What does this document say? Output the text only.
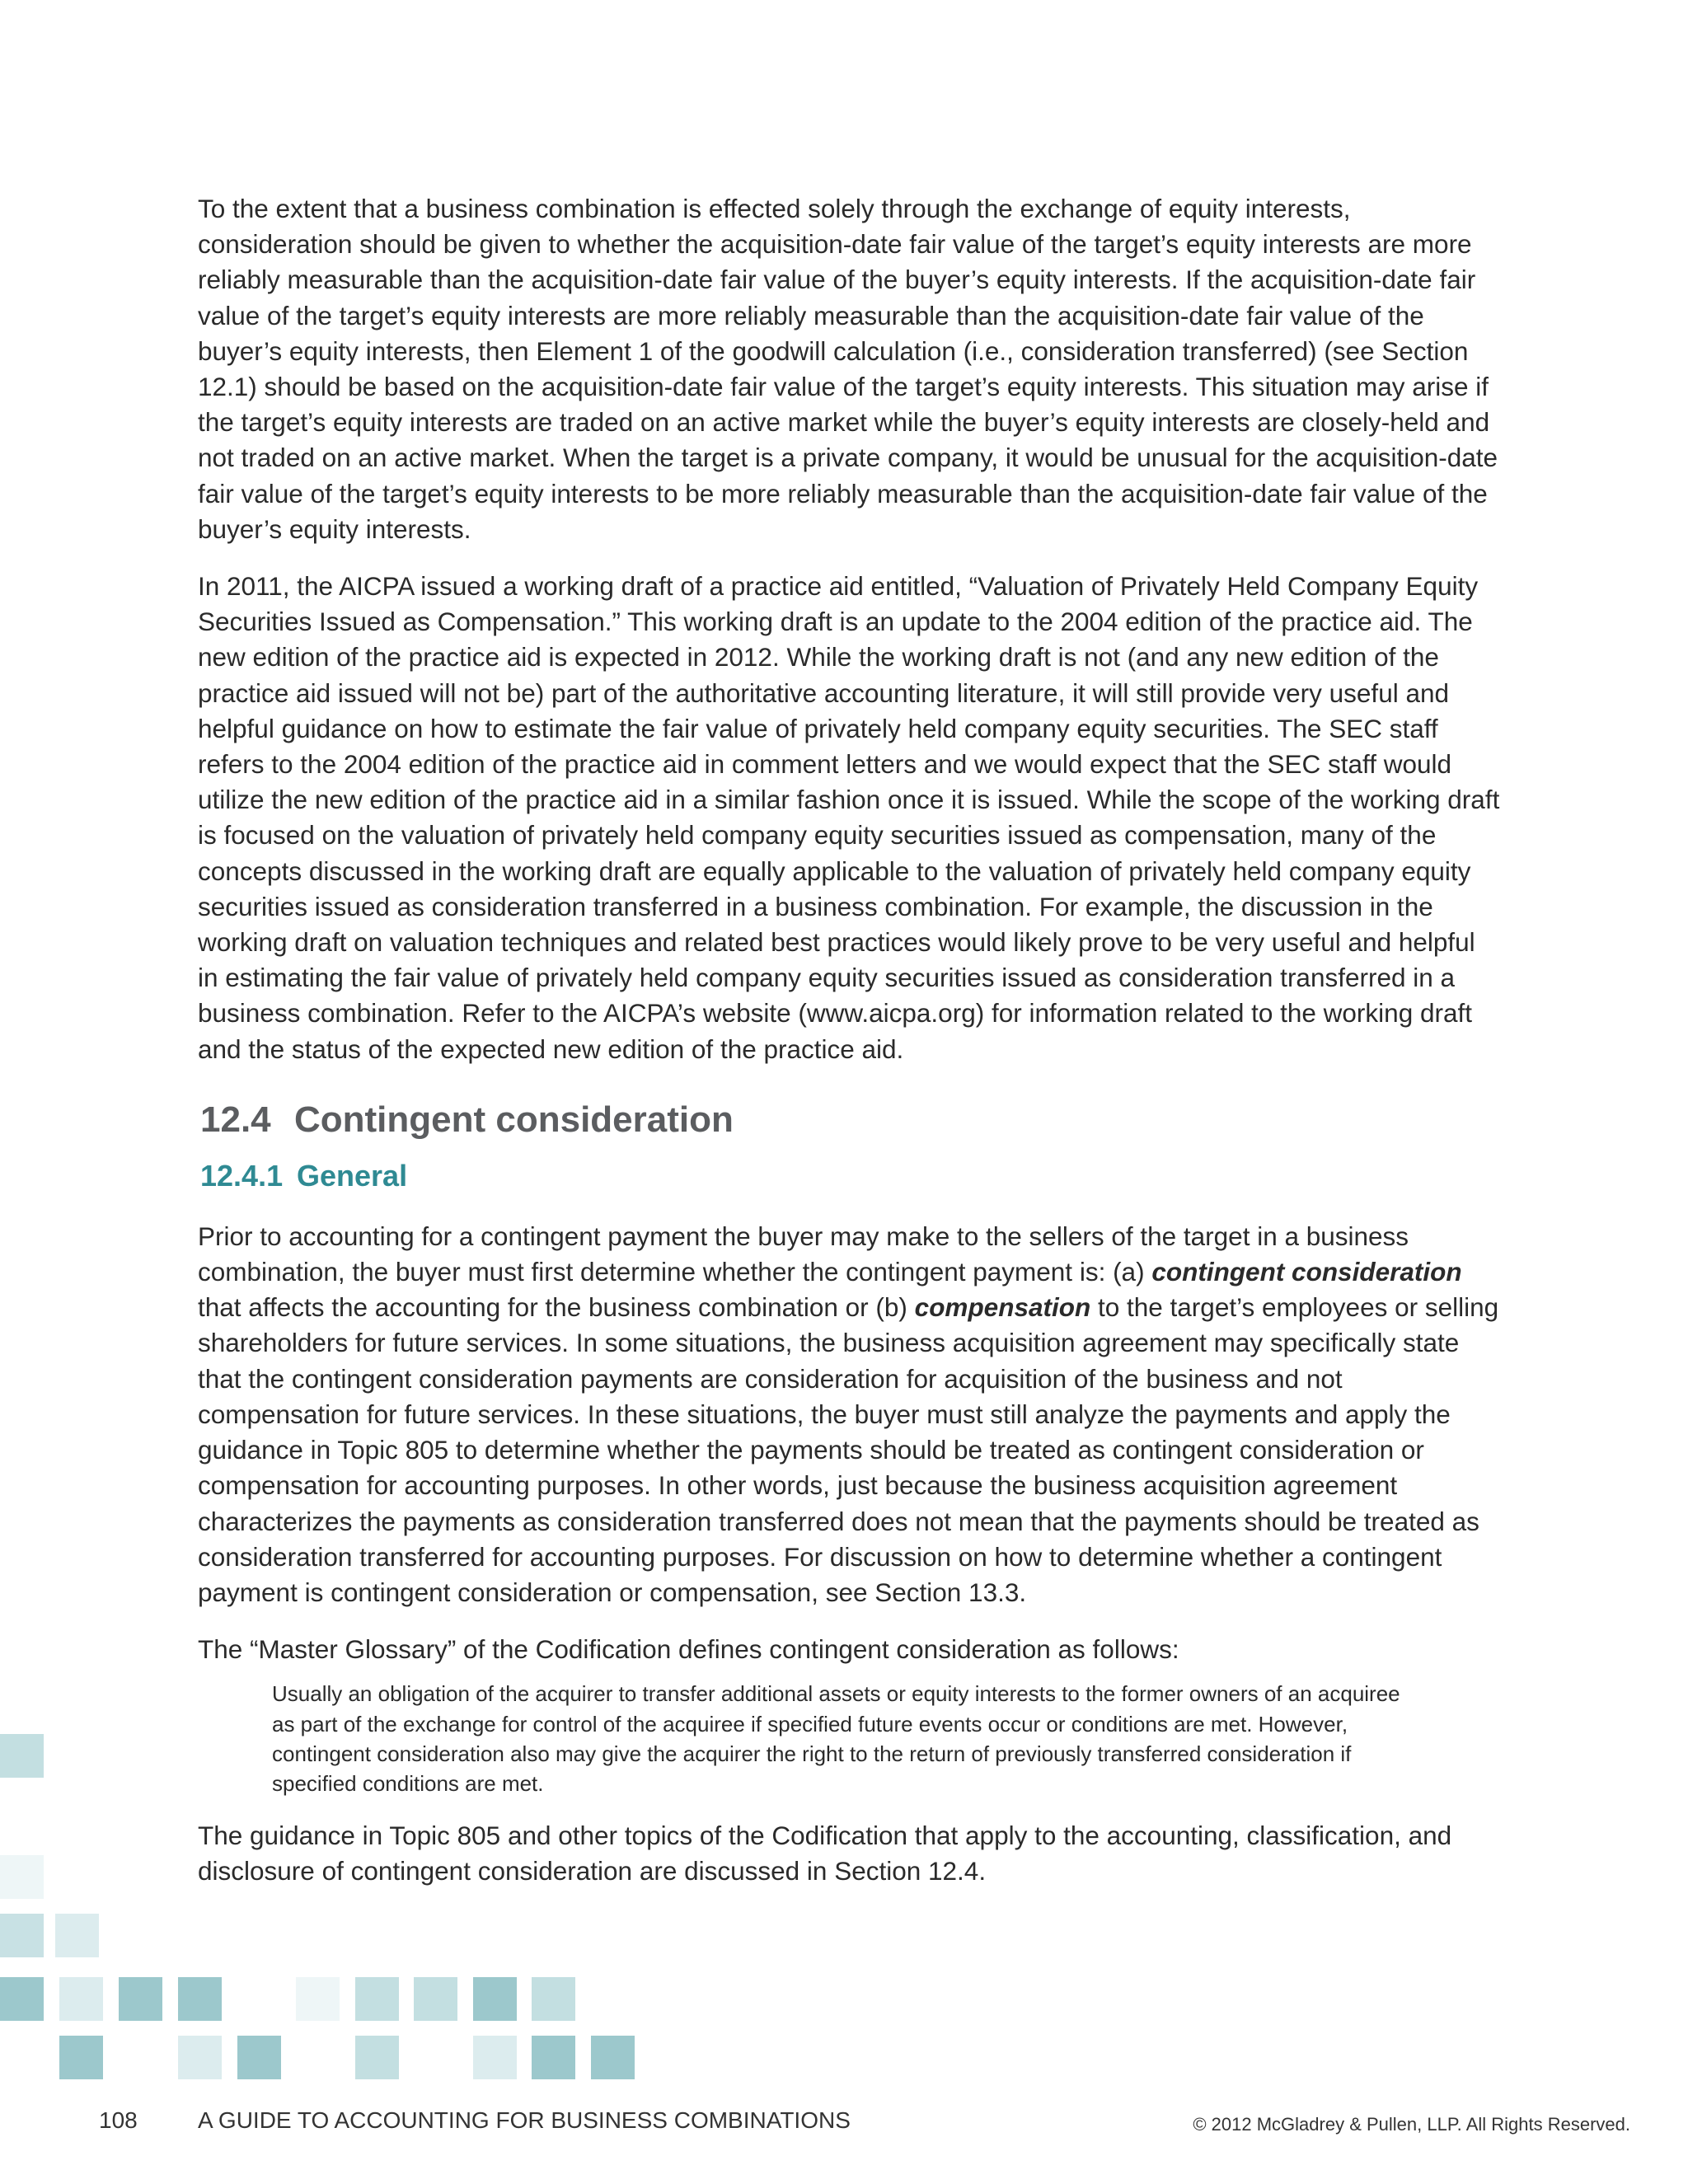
To the extent that a business combination is effected solely through the exchange of equity interests, consideration should be given to whether the acquisition-date fair value of the target’s equity interests are more reliably measurable than the acquisition-date fair value of the buyer’s equity interests. If the acquisition-date fair value of the target’s equity interests are more reliably measurable than the acquisition-date fair value of the buyer’s equity interests, then Element 1 of the goodwill calculation (i.e., consideration transferred) (see Section 12.1) should be based on the acquisition-date fair value of the target’s equity interests. This situation may arise if the target’s equity interests are traded on an active market while the buyer’s equity interests are closely-held and not traded on an active market. When the target is a private company, it would be unusual for the acquisition-date fair value of the target’s equity interests to be more reliably measurable than the acquisition-date fair value of the buyer’s equity interests.

In 2011, the AICPA issued a working draft of a practice aid entitled, “Valuation of Privately Held Company Equity Securities Issued as Compensation.” This working draft is an update to the 2004 edition of the practice aid. The new edition of the practice aid is expected in 2012. While the working draft is not (and any new edition of the practice aid issued will not be) part of the authoritative accounting literature, it will still provide very useful and helpful guidance on how to estimate the fair value of privately held company equity securities. The SEC staff refers to the 2004 edition of the practice aid in comment letters and we would expect that the SEC staff would utilize the new edition of the practice aid in a similar fashion once it is issued. While the scope of the working draft is focused on the valuation of privately held company equity securities issued as compensation, many of the concepts discussed in the working draft are equally applicable to the valuation of privately held company equity securities issued as consideration transferred in a business combination. For example, the discussion in the working draft on valuation techniques and related best practices would likely prove to be very useful and helpful in estimating the fair value of privately held company equity securities issued as consideration transferred in a business combination. Refer to the AICPA’s website (www.aicpa.org) for information related to the working draft and the status of the expected new edition of the practice aid.

12.4 Contingent consideration
12.4.1 General

Prior to accounting for a contingent payment the buyer may make to the sellers of the target in a business combination, the buyer must first determine whether the contingent payment is: (a) contingent consideration that affects the accounting for the business combination or (b) compensation to the target’s employees or selling shareholders for future services. In some situations, the business acquisition agreement may specifically state that the contingent consideration payments are consideration for acquisition of the business and not compensation for future services. In these situations, the buyer must still analyze the payments and apply the guidance in Topic 805 to determine whether the payments should be treated as contingent consideration or compensation for accounting purposes. In other words, just because the business acquisition agreement characterizes the payments as consideration transferred does not mean that the payments should be treated as consideration transferred for accounting purposes. For discussion on how to determine whether a contingent payment is contingent consideration or compensation, see Section 13.3.

The “Master Glossary” of the Codification defines contingent consideration as follows:

Usually an obligation of the acquirer to transfer additional assets or equity interests to the former owners of an acquiree as part of the exchange for control of the acquiree if specified future events occur or conditions are met. However, contingent consideration also may give the acquirer the right to the return of previously transferred consideration if specified conditions are met.

The guidance in Topic 805 and other topics of the Codification that apply to the accounting, classification, and disclosure of contingent consideration are discussed in Section 12.4.

108	A GUIDE TO ACCOUNTING FOR BUSINESS COMBINATIONS	© 2012 McGladrey & Pullen, LLP. All Rights Reserved.
